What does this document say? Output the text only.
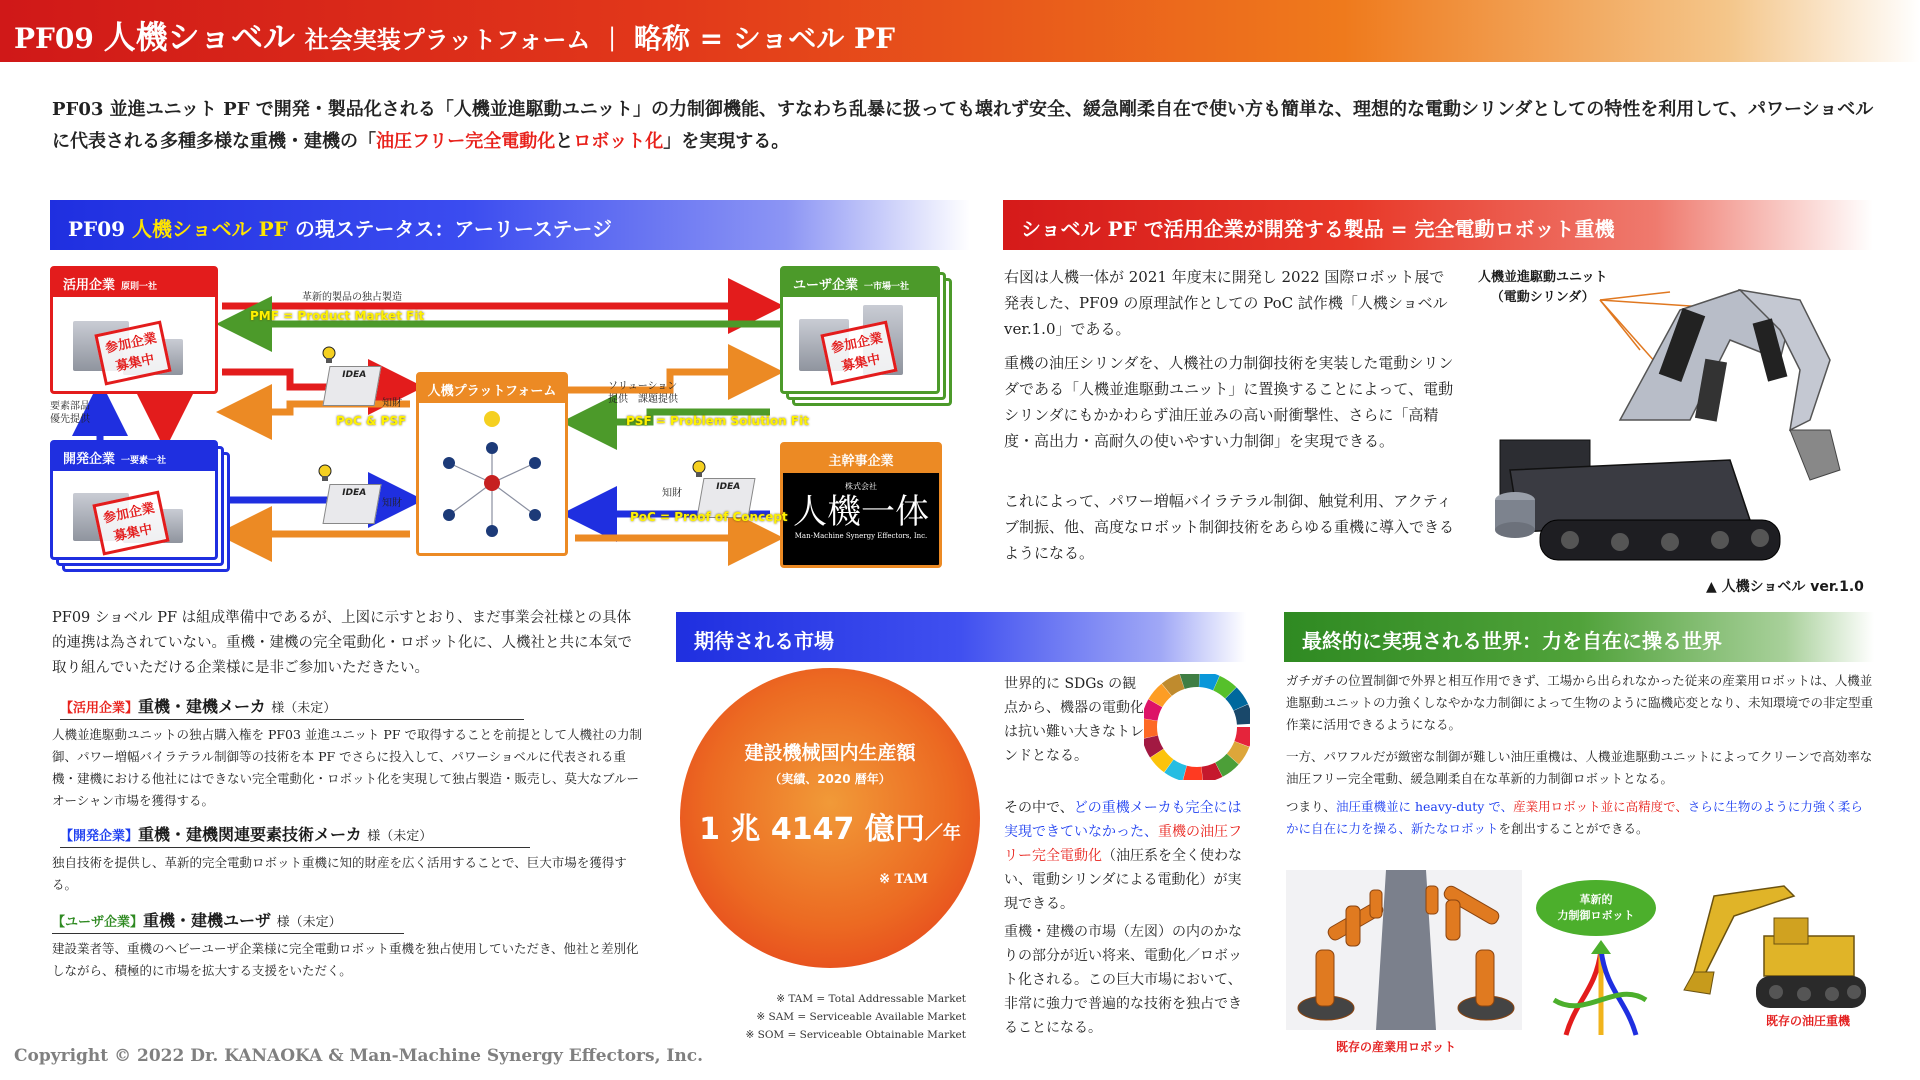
PF09 人機ショベル 社会実装プラットフォーム ｜ 略称 = ショベル PF
PF03 並進ユニット PF で開発・製品化される「人機並進駆動ユニット」の力制御機能、すなわち乱暴に扱っても壊れず安全、緩急剛柔自在で使い方も簡単な、理想的な電動シリンダとしての特性を利用して、パワーショベルに代表される多種多様な重機・建機の「油圧フリー完全電動化とロボット化」を実現する。
PF09 人機ショベル PF の現ステータス：アーリーステージ
活用企業 原則一社
参加企業
募集中
開発企業 一要素一社
参加企業
募集中
ユーザ企業 一市場一社
参加企業
募集中
人機プラットフォーム
主幹事企業
株式会社
人機一体
Man-Machine Synergy Effectors, Inc.
IDEA
IDEA
IDEA
革新的製品の独占製造
PMF = Product Market Fit
PoC & PSF	PSF = Problem Solution Fit
PoC = Proof of Concept
要素部品
優先提供
知財
知財
知財
ソリューション
提供　課題提供
PF09 ショベル PF は組成準備中であるが、上図に示すとおり、まだ事業会社様との具体的連携は為されていない。重機・建機の完全電動化・ロボット化に、人機社と共に本気で取り組んでいただける企業様に是非ご参加いただきたい。
【活用企業】重機・建機メーカ 様（未定）
人機並進駆動ユニットの独占購入権を PF03 並進ユニット PF で取得することを前提として人機社の力制御、パワー増幅バイラテラル制御等の技術を本 PF でさらに投入して、パワーショベルに代表される重機・建機における他社にはできない完全電動化・ロボット化を実現して独占製造・販売し、莫大なブルーオーシャン市場を獲得する。
【開発企業】重機・建機関連要素技術メーカ 様（未定）
独自技術を提供し、革新的完全電動ロボット重機に知的財産を広く活用することで、巨大市場を獲得する。
【ユーザ企業】重機・建機ユーザ 様（未定）
建設業者等、重機のヘビーユーザ企業様に完全電動ロボット重機を独占使用していただき、他社と差別化しながら、積極的に市場を拡大する支援をいただく。
ショベル PF で活用企業が開発する製品 = 完全電動ロボット重機
右図は人機一体が 2021 年度末に開発し 2022 国際ロボット展で発表した、PF09 の原理試作としての PoC 試作機「人機ショベル ver.1.0」である。
重機の油圧シリンダを、人機社の力制御技術を実装した電動シリンダである「人機並進駆動ユニット」に置換することによって、電動シリンダにもかかわらず油圧並みの高い耐衝撃性、さらに「高精度・高出力・高耐久の使いやすい力制御」を実現できる。
これによって、パワー増幅バイラテラル制御、触覚利用、アクティブ制振、他、高度なロボット制御技術をあらゆる重機に導入できるようになる。
人機並進駆動ユニット
（電動シリンダ）
▲ 人機ショベル ver.1.0
期待される市場
建設機械国内生産額
（実績、2020 暦年）
1 兆 4147 億円／年
※ TAM
※ TAM = Total Addressable Market
※ SAM = Serviceable Available Market
※ SOM = Serviceable Obtainable Market
世界的に SDGs の観点から、機器の電動化は抗い難い大きなトレンドとなる。
その中で、どの重機メーカも完全には実現できていなかった、重機の油圧フリー完全電動化（油圧系を全く使わない、電動シリンダによる電動化）が実現できる。
重機・建機の市場（左図）の内のかなりの部分が近い将来、電動化／ロボット化される。この巨大市場において、非常に強力で普遍的な技術を独占できることになる。
最終的に実現される世界：力を自在に操る世界
ガチガチの位置制御で外界と相互作用できず、工場から出られなかった従来の産業用ロボットは、人機並進駆動ユニットの力強くしなやかな力制御によって生物のように臨機応変となり、未知環境での非定型重作業に活用できるようになる。
一方、パワフルだが緻密な制御が難しい油圧重機は、人機並進駆動ユニットによってクリーンで高効率な油圧フリー完全電動、緩急剛柔自在な革新的力制御ロボットとなる。
つまり、油圧重機並に heavy-duty で、産業用ロボット並に高精度で、さらに生物のように力強く柔らかに自在に力を操る、新たなロボットを創出することができる。
既存の産業用ロボット
革新的
力制御ロボット
既存の油圧重機
Copyright © 2022 Dr. KANAOKA & Man-Machine Synergy Effectors, Inc.
